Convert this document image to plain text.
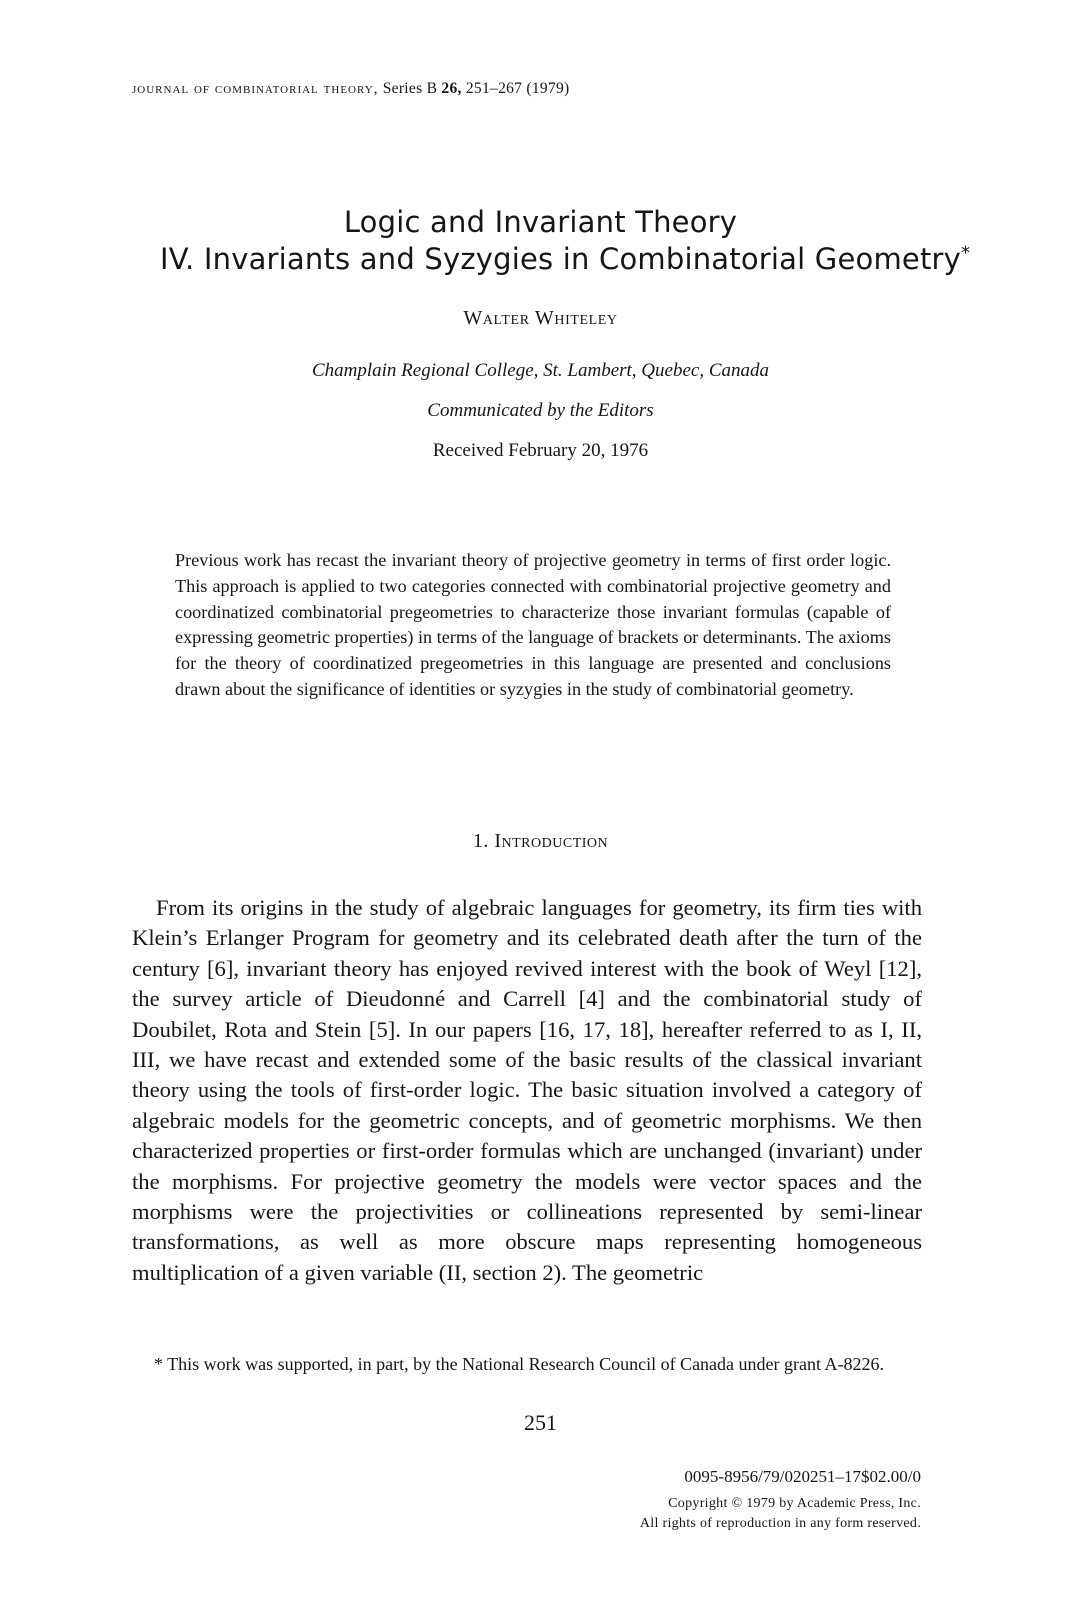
journal of combinatorial theory, Series B 26, 251–267 (1979)
Logic and Invariant Theory
IV. Invariants and Syzygies in Combinatorial Geometry*
Walter Whiteley
Champlain Regional College, St. Lambert, Quebec, Canada
Communicated by the Editors
Received February 20, 1976
Previous work has recast the invariant theory of projective geometry in terms of first order logic. This approach is applied to two categories connected with combinatorial projective geometry and coordinatized combinatorial pregeometries to characterize those invariant formulas (capable of expressing geometric properties) in terms of the language of brackets or determinants. The axioms for the theory of coordinatized pregeometries in this language are presented and conclusions drawn about the significance of identities or syzygies in the study of combinatorial geometry.
1. Introduction
From its origins in the study of algebraic languages for geometry, its firm ties with Klein’s Erlanger Program for geometry and its celebrated death after the turn of the century [6], invariant theory has enjoyed revived interest with the book of Weyl [12], the survey article of Dieudonné and Carrell [4] and the combinatorial study of Doubilet, Rota and Stein [5]. In our papers [16, 17, 18], hereafter referred to as I, II, III, we have recast and extended some of the basic results of the classical invariant theory using the tools of first-order logic. The basic situation involved a category of algebraic models for the geometric concepts, and of geometric morphisms. We then characterized properties or first-order formulas which are unchanged (invariant) under the morphisms. For projective geometry the models were vector spaces and the morphisms were the projectivities or collineations represented by semi-linear transformations, as well as more obscure maps representing homogeneous multiplication of a given variable (II, section 2). The geometric
* This work was supported, in part, by the National Research Council of Canada under grant A-8226.
251
0095-8956/79/020251–17$02.00/0
Copyright © 1979 by Academic Press, Inc.
All rights of reproduction in any form reserved.
